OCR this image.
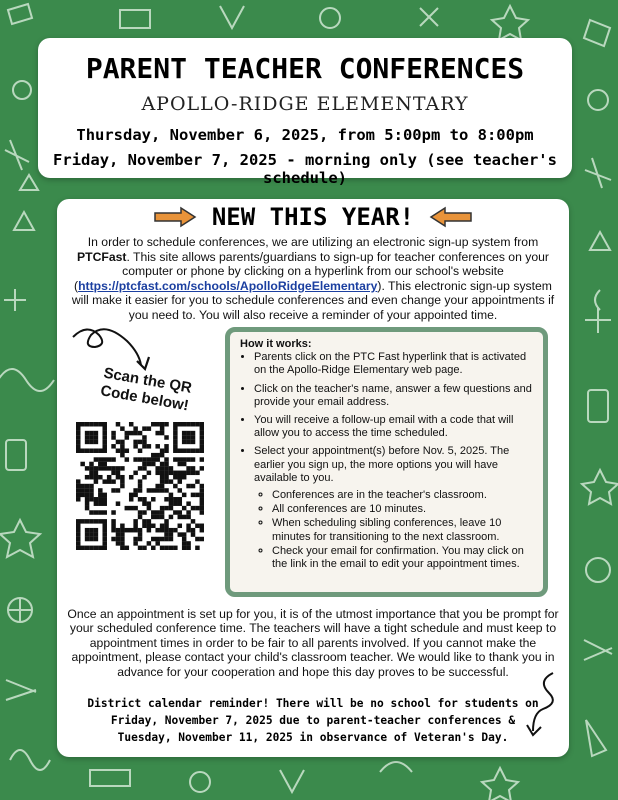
PARENT TEACHER CONFERENCES
APOLLO-RIDGE ELEMENTARY
Thursday, November 6, 2025, from 5:00pm to 8:00pm
Friday, November 7, 2025 - morning only (see teacher's schedule)
NEW THIS YEAR!
In order to schedule conferences, we are utilizing an electronic sign-up system from PTCFast. This site allows parents/guardians to sign-up for teacher conferences on your computer or phone by clicking on a hyperlink from our school's website (https://ptcfast.com/schools/ApolloRidgeElementary). This electronic sign-up system will make it easier for you to schedule conferences and even change your appointments if you need to. You will also receive a reminder of your appointed time.
Scan the QR Code below!
How it works:
• Parents click on the PTC Fast hyperlink that is activated on the Apollo-Ridge Elementary web page.
• Click on the teacher's name, answer a few questions and provide your email address.
• You will receive a follow-up email with a code that will allow you to access the time scheduled.
• Select your appointment(s) before Nov. 5, 2025. The earlier you sign up, the more options you will have available to you.
◦ Conferences are in the teacher's classroom.
◦ All conferences are 10 minutes.
◦ When scheduling sibling conferences, leave 10 minutes for transitioning to the next classroom.
◦ Check your email for confirmation. You may click on the link in the email to edit your appointment times.
Once an appointment is set up for you, it is of the utmost importance that you be prompt for your scheduled conference time. The teachers will have a tight schedule and must keep to appointment times in order to be fair to all parents involved. If you cannot make the appointment, please contact your child's classroom teacher. We would like to thank you in advance for your cooperation and hope this day proves to be successful.
District calendar reminder! There will be no school for students on Friday, November 7, 2025 due to parent-teacher conferences & Tuesday, November 11, 2025 in observance of Veteran's Day.
